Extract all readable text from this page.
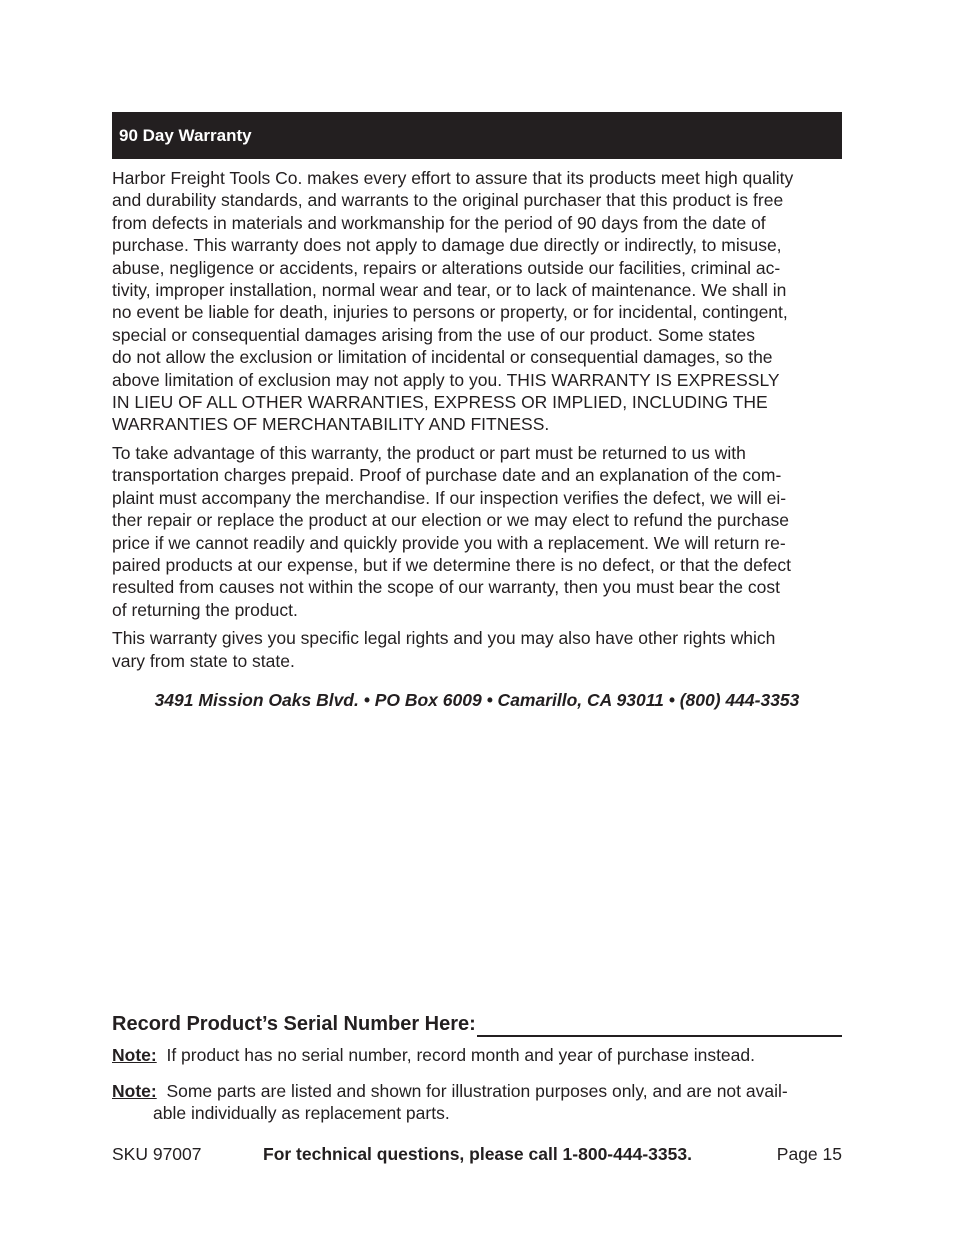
90 Day Warranty

Harbor Freight Tools Co. makes every effort to assure that its products meet high quality
and durability standards, and warrants to the original purchaser that this product is free
from defects in materials and workmanship for the period of 90 days from the date of
purchase. This warranty does not apply to damage due directly or indirectly, to misuse,
abuse, negligence or accidents, repairs or alterations outside our facilities, criminal ac-
tivity, improper installation, normal wear and tear, or to lack of maintenance. We shall in
no event be liable for death, injuries to persons or property, or for incidental, contingent,
special or consequential damages arising from the use of our product. Some states
do not allow the exclusion or limitation of incidental or consequential damages, so the
above limitation of exclusion may not apply to you. THIS WARRANTY IS EXPRESSLY
IN LIEU OF ALL OTHER WARRANTIES, EXPRESS OR IMPLIED, INCLUDING THE
WARRANTIES OF MERCHANTABILITY AND FITNESS.

To take advantage of this warranty, the product or part must be returned to us with
transportation charges prepaid. Proof of purchase date and an explanation of the com-
plaint must accompany the merchandise. If our inspection verifies the defect, we will ei-
ther repair or replace the product at our election or we may elect to refund the purchase
price if we cannot readily and quickly provide you with a replacement. We will return re-
paired products at our expense, but if we determine there is no defect, or that the defect
resulted from causes not within the scope of our warranty, then you must bear the cost
of returning the product.

This warranty gives you specific legal rights and you may also have other rights which
vary from state to state.

3491 Mission Oaks Blvd. • PO Box 6009 • Camarillo, CA 93011 • (800) 444-3353
Record Product’s Serial Number Here:
Note: If product has no serial number, record month and year of purchase instead.
Note: Some parts are listed and shown for illustration purposes only, and are not avail-
able individually as replacement parts.
SKU 97007	For technical questions, please call 1-800-444-3353.	Page 15
